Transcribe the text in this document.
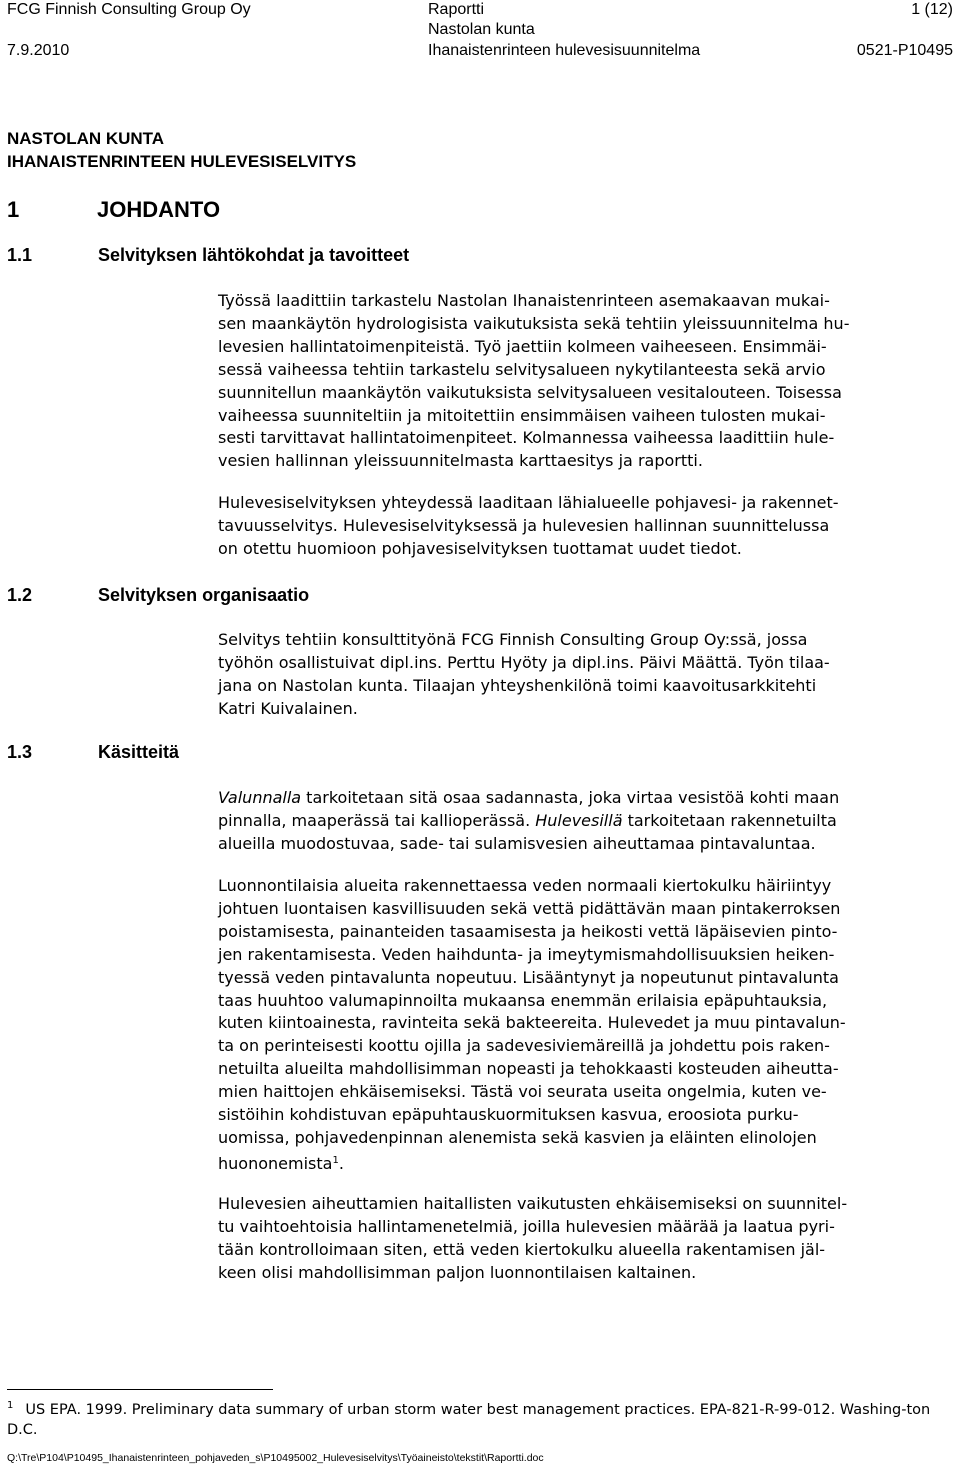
FCG Finnish Consulting Group Oy
7.9.2010
Raportti
Nastolan kunta
Ihanaistenrinteen hulevesisuunnitelma
1 (12)
0521-P10495
NASTOLAN KUNTA
IHANAISTENRINTEEN HULEVESISELVITYS
1	JOHDANTO
1.1	Selvityksen lähtökohdat ja tavoitteet
Työssä laadittiin tarkastelu Nastolan Ihanaistenrinteen asemakaavan mukai-
sen maankäytön hydrologisista vaikutuksista sekä tehtiin yleissuunnitelma hu-
levesien hallintatoimenpiteistä. Työ jaettiin kolmeen vaiheeseen. Ensimmäi-
sessä vaiheessa tehtiin tarkastelu selvitysalueen nykytilanteesta sekä arvio
suunnitellun maankäytön vaikutuksista selvitysalueen vesitalouteen. Toisessa
vaiheessa suunniteltiin ja mitoitettiin ensimmäisen vaiheen tulosten mukai-
sesti tarvittavat hallintatoimenpiteet. Kolmannessa vaiheessa laadittiin hule-
vesien hallinnan yleissuunnitelmasta karttaesitys ja raportti.
Hulevesiselvityksen yhteydessä laaditaan lähialueelle pohjavesi- ja rakennet-
tavuusselvitys. Hulevesiselvityksessä ja hulevesien hallinnan suunnittelussa
on otettu huomioon pohjavesiselvityksen tuottamat uudet tiedot.
1.2	Selvityksen organisaatio
Selvitys tehtiin konsulttityönä FCG Finnish Consulting Group Oy:ssä, jossa
työhön osallistuivat dipl.ins. Perttu Hyöty ja dipl.ins. Päivi Määttä. Työn tilaa-
jana on Nastolan kunta. Tilaajan yhteyshenkilönä toimi kaavoitusarkkitehti
Katri Kuivalainen.
1.3	Käsitteitä
Valunnalla tarkoitetaan sitä osaa sadannasta, joka virtaa vesistöä kohti maan
pinnalla, maaperässä tai kallioperässä. Hulevesillä tarkoitetaan rakennetuilta
alueilla muodostuvaa, sade- tai sulamisvesien aiheuttamaa pintavaluntaa.
Luonnontilaisia alueita rakennettaessa veden normaali kiertokulku häiriintyy
johtuen luontaisen kasvillisuuden sekä vettä pidättävän maan pintakerroksen
poistamisesta, painanteiden tasaamisesta ja heikosti vettä läpäisevien pinto-
jen rakentamisesta. Veden haihdunta- ja imeytymismahdollisuuksien heiken-
tyessä veden pintavalunta nopeutuu. Lisääntynyt ja nopeutunut pintavalunta
taas huuhtoo valumapinnoilta mukaansa enemmän erilaisia epäpuhtauksia,
kuten kiintoainesta, ravinteita sekä bakteereita. Hulevedet ja muu pintavalun-
ta on perinteisesti koottu ojilla ja sadevesiviemäreillä ja johdettu pois raken-
netuilta alueilta mahdollisimman nopeasti ja tehokkaasti kosteuden aiheutta-
mien haittojen ehkäisemiseksi. Tästä voi seurata useita ongelmia, kuten ve-
sistöihin kohdistuvan epäpuhtauskuormituksen kasvua, eroosiota purku-
uomissa, pohjavedenpinnan alenemista sekä kasvien ja eläinten elinolojen
huononemista$^1$.
Hulevesien aiheuttamien haitallisten vaikutusten ehkäisemiseksi on suunnitel-
tu vaihtoehtoisia hallintamenetelmiä, joilla hulevesien määrää ja laatua pyri-
tään kontrolloimaan siten, että veden kiertokulku alueella rakentamisen jäl-
keen olisi mahdollisimman paljon luonnontilaisen kaltainen.
$^1$ US EPA. 1999. Preliminary data summary of urban storm water best management practices. EPA-821-R-99-012. Washing-ton D.C.
Q:\Tre\P104\P10495_Ihanaistenrinteen_pohjaveden_s\P10495002_Hulevesiselvitys\Työaineisto\tekstit\Raportti.doc
